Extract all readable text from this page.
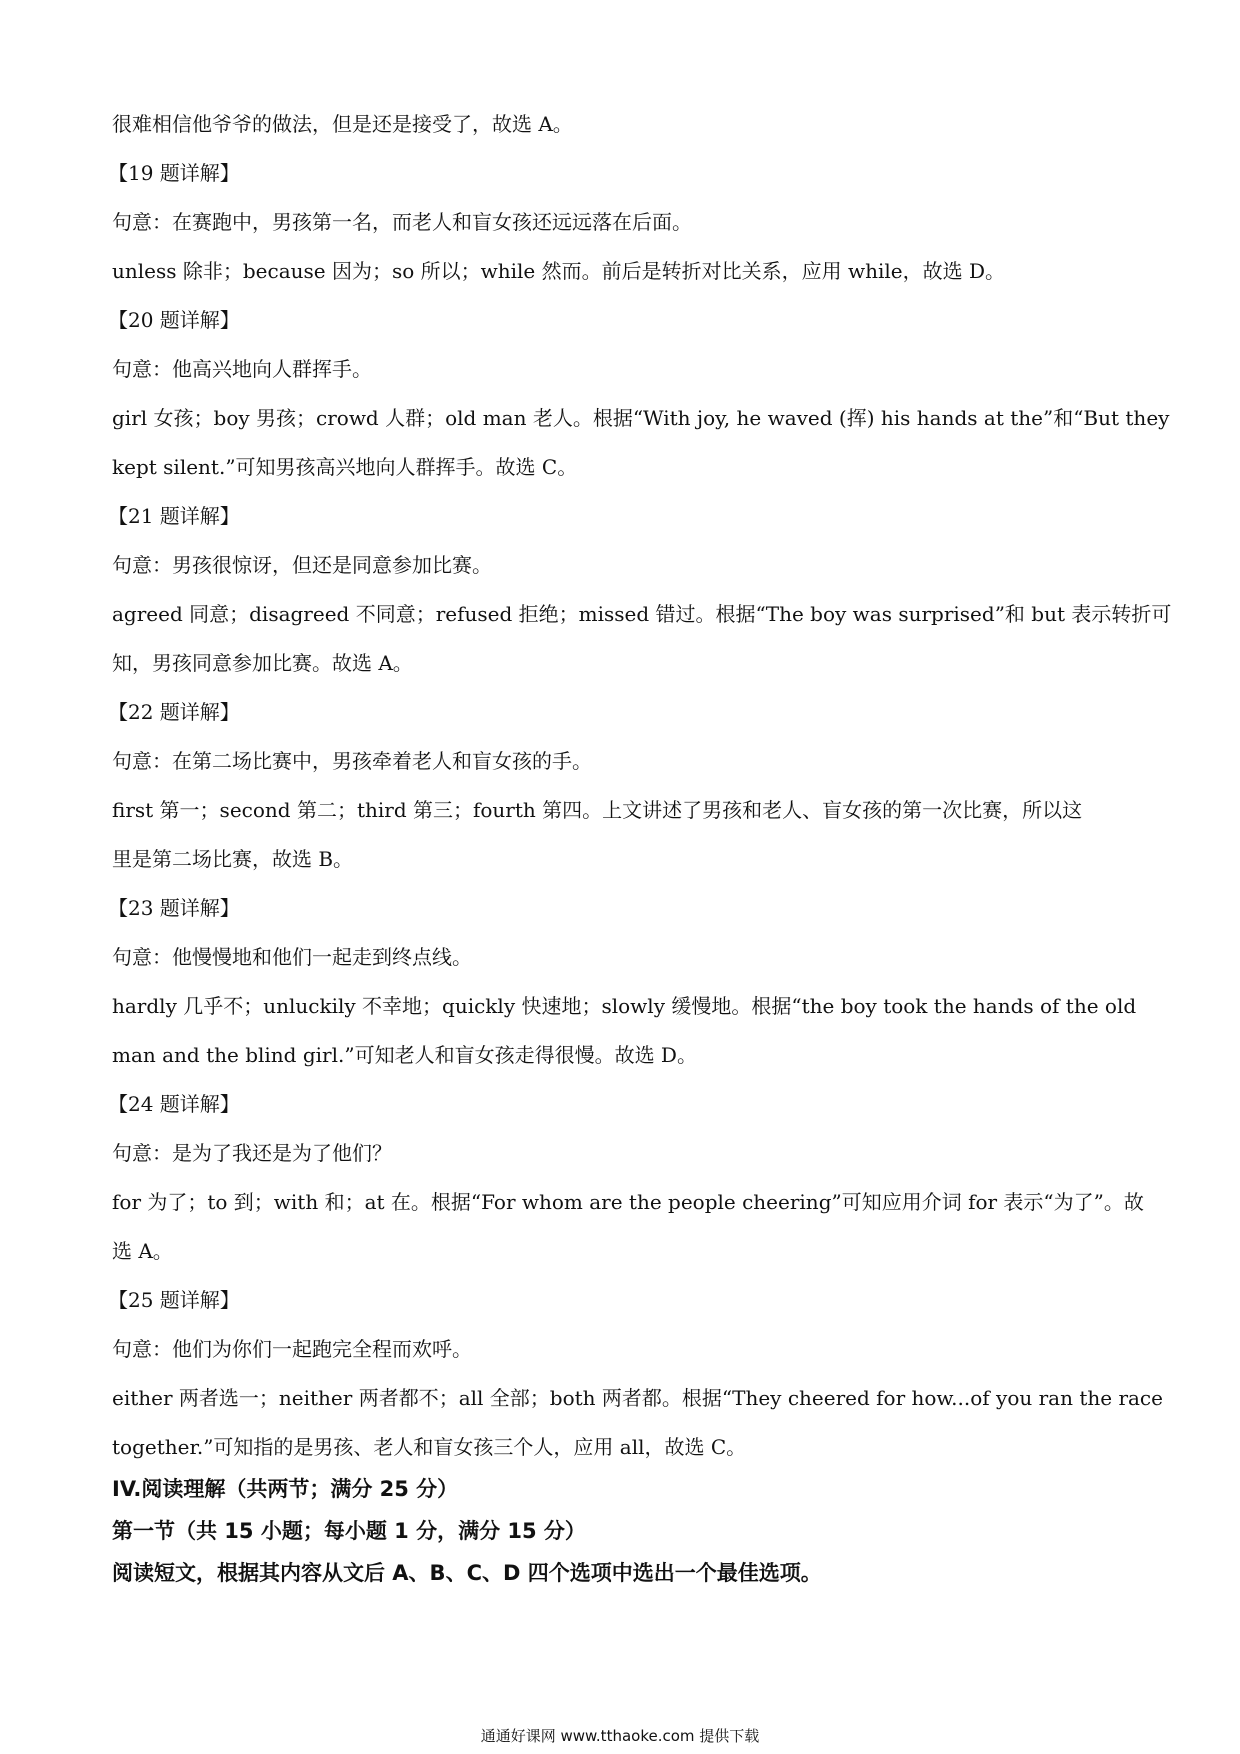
很难相信他爷爷的做法，但是还是接受了，故选 A。
【19 题详解】
句意：在赛跑中，男孩第一名，而老人和盲女孩还远远落在后面。
unless 除非；because 因为；so 所以；while 然而。前后是转折对比关系，应用 while，故选 D。
【20 题详解】
句意：他高兴地向人群挥手。
girl 女孩；boy 男孩；crowd 人群；old man 老人。根据“With joy, he waved (挥) his hands at the”和“But they
kept silent.”可知男孩高兴地向人群挥手。故选 C。
【21 题详解】
句意：男孩很惊讶，但还是同意参加比赛。
agreed 同意；disagreed 不同意；refused 拒绝；missed 错过。根据“The boy was surprised”和 but 表示转折可
知，男孩同意参加比赛。故选 A。
【22 题详解】
句意：在第二场比赛中，男孩牵着老人和盲女孩的手。
first 第一；second 第二；third 第三；fourth 第四。上文讲述了男孩和老人、盲女孩的第一次比赛，所以这
里是第二场比赛，故选 B。
【23 题详解】
句意：他慢慢地和他们一起走到终点线。
hardly 几乎不；unluckily 不幸地；quickly 快速地；slowly 缓慢地。根据“the boy took the hands of the old
man and the blind girl.”可知老人和盲女孩走得很慢。故选 D。
【24 题详解】
句意：是为了我还是为了他们？
for 为了；to 到；with 和；at 在。根据“For whom are the people cheering”可知应用介词 for 表示“为了”。故
选 A。
【25 题详解】
句意：他们为你们一起跑完全程而欢呼。
either 两者选一；neither 两者都不；all 全部；both 两者都。根据“They cheered for how...of you ran the race
together.”可知指的是男孩、老人和盲女孩三个人，应用 all，故选 C。
IV.阅读理解（共两节；满分 25 分）
第一节（共 15 小题；每小题 1 分，满分 15 分）
阅读短文，根据其内容从文后 A、B、C、D 四个选项中选出一个最佳选项。
通通好课网 www.tthaoke.com 提供下载
